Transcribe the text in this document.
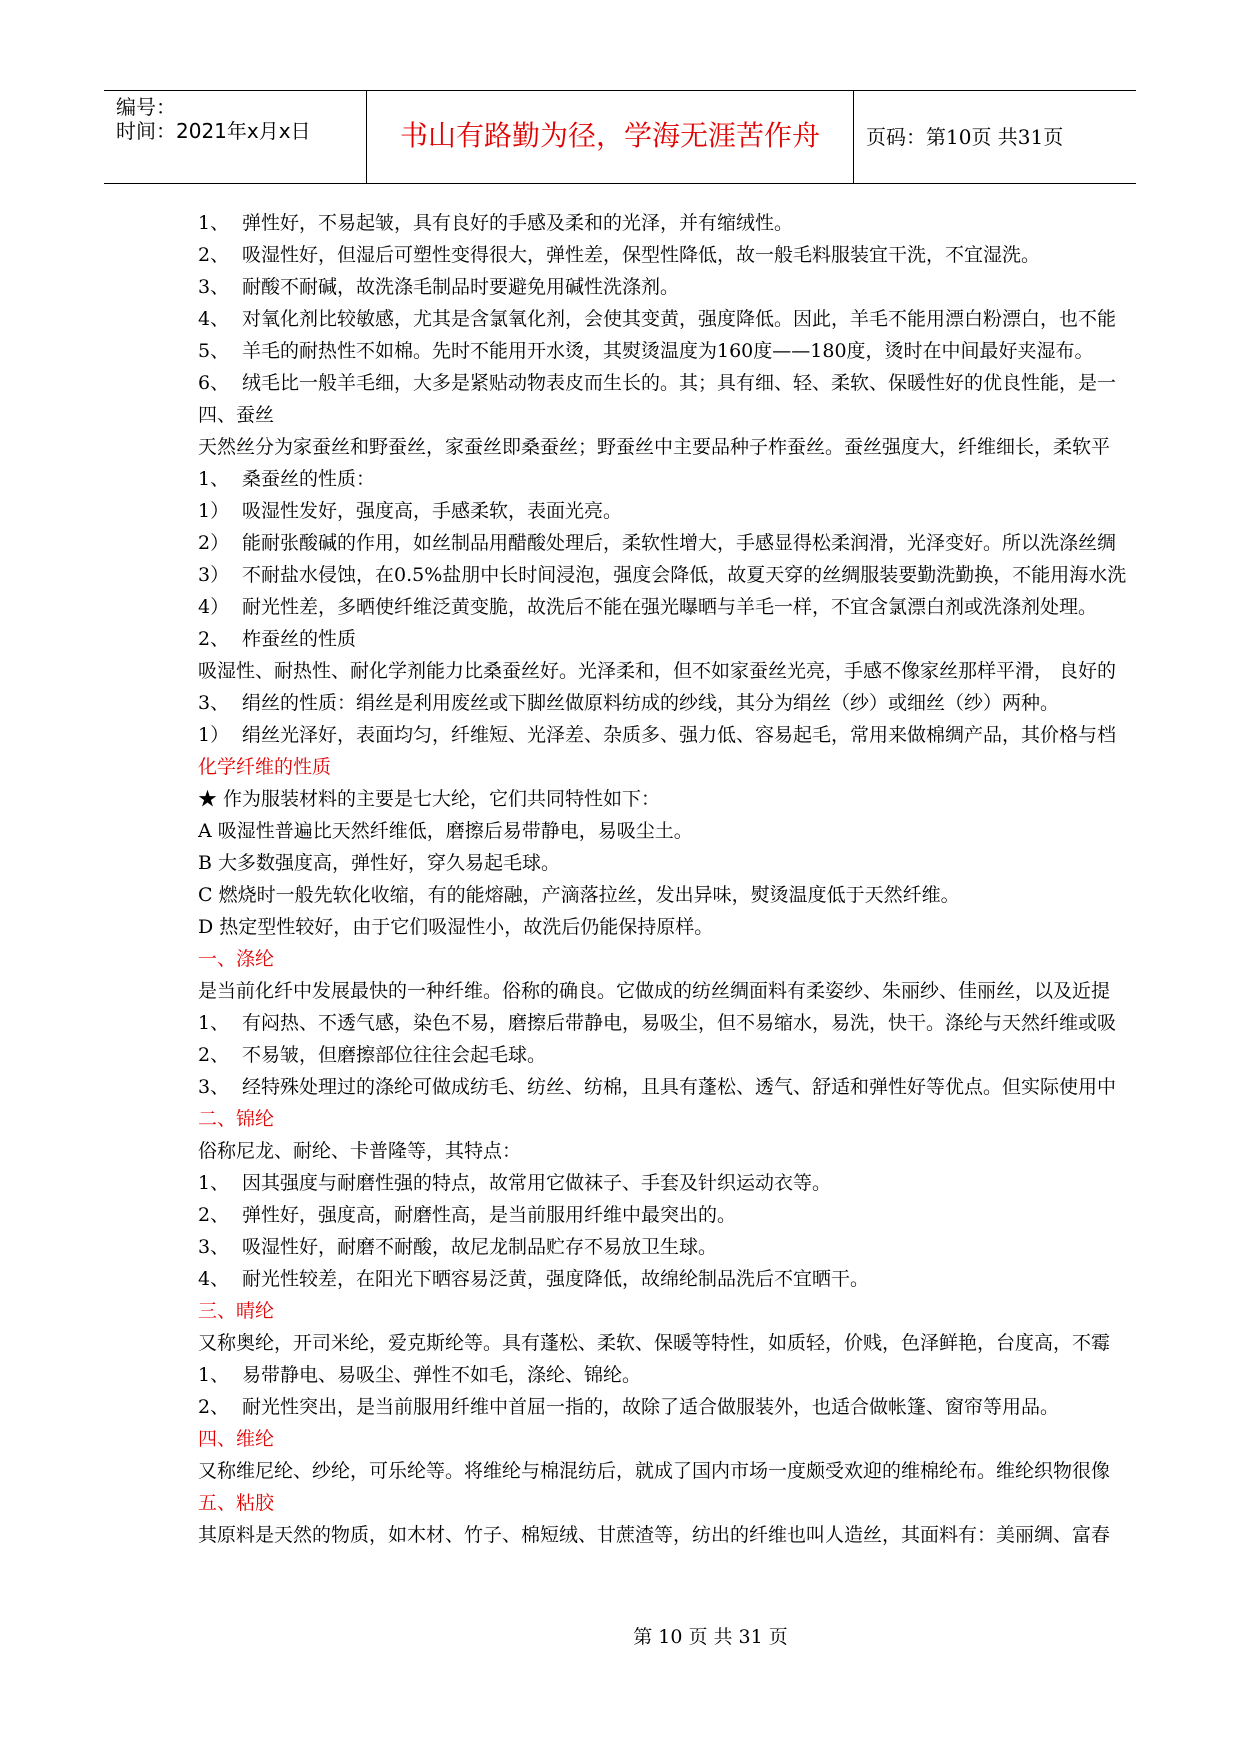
编号：
时间：2021年x月x日	书山有路勤为径，学海无涯苦作舟	页码：第10页 共31页
1、 弹性好，不易起皱，具有良好的手感及柔和的光泽，并有缩绒性。
2、 吸湿性好，但湿后可塑性变得很大，弹性差，保型性降低，故一般毛料服装宜干洗，不宜湿洗。
3、 耐酸不耐碱，故洗涤毛制品时要避免用碱性洗涤剂。
4、 对氧化剂比较敏感，尤其是含氯氧化剂，会使其变黄，强度降低。因此，羊毛不能用漂白粉漂白，也不能
5、 羊毛的耐热性不如棉。先时不能用开水烫，其熨烫温度为160度——180度，烫时在中间最好夹湿布。
6、 绒毛比一般羊毛细，大多是紧贴动物表皮而生长的。其；具有细、轻、柔软、保暖性好的优良性能，是一
四、蚕丝
天然丝分为家蚕丝和野蚕丝，家蚕丝即桑蚕丝；野蚕丝中主要品种子柞蚕丝。蚕丝强度大，纤维细长，柔软平
1、 桑蚕丝的性质：
1） 吸湿性发好，强度高，手感柔软，表面光亮。
2） 能耐张酸碱的作用，如丝制品用醋酸处理后，柔软性增大，手感显得松柔润滑，光泽变好。所以洗涤丝绸
3） 不耐盐水侵蚀，在0.5%盐朋中长时间浸泡，强度会降低，故夏天穿的丝绸服装要勤洗勤换，不能用海水洗
4） 耐光性差，多晒使纤维泛黄变脆，故洗后不能在强光曝晒与羊毛一样，不宜含氯漂白剂或洗涤剂处理。
2、 柞蚕丝的性质
吸湿性、耐热性、耐化学剂能力比桑蚕丝好。光泽柔和，但不如家蚕丝光亮，手感不像家丝那样平滑， 良好的
3、 绢丝的性质：绢丝是利用废丝或下脚丝做原料纺成的纱线，其分为绢丝（纱）或细丝（纱）两种。
1） 绢丝光泽好，表面均匀，纤维短、光泽差、杂质多、强力低、容易起毛，常用来做棉绸产品，其价格与档
化学纤维的性质
★ 作为服装材料的主要是七大纶，它们共同特性如下：
A 吸湿性普遍比天然纤维低，磨擦后易带静电，易吸尘土。
B 大多数强度高，弹性好，穿久易起毛球。
C 燃烧时一般先软化收缩，有的能熔融，产滴落拉丝，发出异味，熨烫温度低于天然纤维。
D 热定型性较好，由于它们吸湿性小，故洗后仍能保持原样。
一、涤纶
是当前化纤中发展最快的一种纤维。俗称的确良。它做成的纺丝绸面料有柔姿纱、朱丽纱、佳丽丝，以及近提
1、 有闷热、不透气感，染色不易，磨擦后带静电，易吸尘，但不易缩水，易洗，快干。涤纶与天然纤维或吸
2、 不易皱，但磨擦部位往往会起毛球。
3、 经特殊处理过的涤纶可做成纺毛、纺丝、纺棉，且具有蓬松、透气、舒适和弹性好等优点。但实际使用中
二、锦纶
俗称尼龙、耐纶、卡普隆等，其特点：
1、 因其强度与耐磨性强的特点，故常用它做袜子、手套及针织运动衣等。
2、 弹性好，强度高，耐磨性高，是当前服用纤维中最突出的。
3、 吸湿性好，耐磨不耐酸，故尼龙制品贮存不易放卫生球。
4、 耐光性较差，在阳光下晒容易泛黄，强度降低，故绵纶制品洗后不宜晒干。
三、晴纶
又称奥纶，开司米纶，爱克斯纶等。具有蓬松、柔软、保暖等特性，如质轻，价贱，色泽鲜艳，台度高，不霉
1、 易带静电、易吸尘、弹性不如毛，涤纶、锦纶。
2、 耐光性突出，是当前服用纤维中首屈一指的，故除了适合做服装外，也适合做帐篷、窗帘等用品。
四、维纶
又称维尼纶、纱纶，可乐纶等。将维纶与棉混纺后，就成了国内市场一度颇受欢迎的维棉纶布。维纶织物很像
五、粘胶
其原料是天然的物质，如木材、竹子、棉短绒、甘蔗渣等，纺出的纤维也叫人造丝，其面料有：美丽绸、富春
第 10 页 共 31 页
